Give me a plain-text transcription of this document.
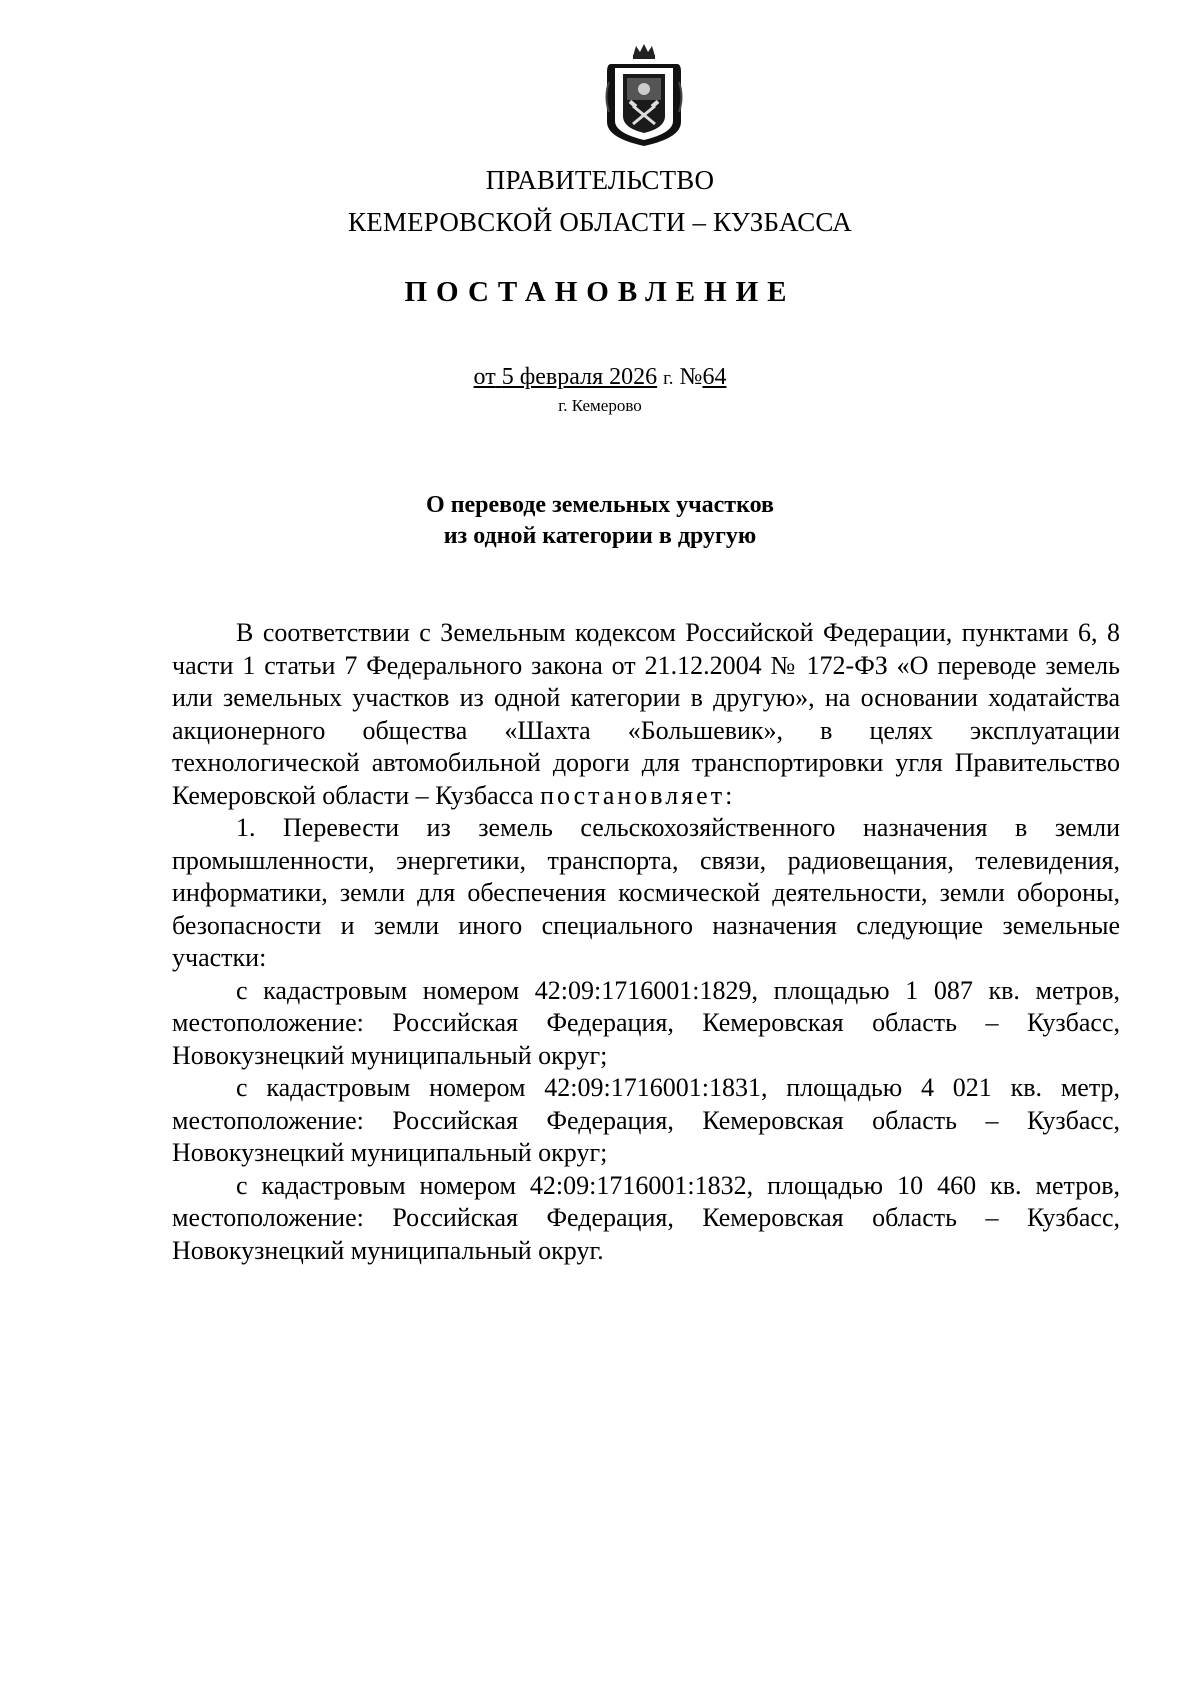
ПРАВИТЕЛЬСТВО
КЕМЕРОВСКОЙ ОБЛАСТИ – КУЗБАССА
ПОСТАНОВЛЕНИЕ
от 5 февраля 2026 г. №64
г. Кемерово
О переводе земельных участков
из одной категории в другую

В соответствии с Земельным кодексом Российской Федерации, пунктами 6, 8 части 1 статьи 7 Федерального закона от 21.12.2004 № 172-ФЗ «О переводе земель или земельных участков из одной категории в другую», на основании ходатайства акционерного общества «Шахта «Большевик», в целях эксплуатации технологической автомобильной дороги для транспортировки угля Правительство Кемеровской области – Кузбасса постановляет:

1. Перевести из земель сельскохозяйственного назначения в земли промышленности, энергетики, транспорта, связи, радиовещания, телевидения, информатики, земли для обеспечения космической деятельности, земли обороны, безопасности и земли иного специального назначения следующие земельные участки:

с кадастровым номером 42:09:1716001:1829, площадью 1 087 кв. метров, местоположение: Российская Федерация, Кемеровская область – Кузбасс, Новокузнецкий муниципальный округ;

с кадастровым номером 42:09:1716001:1831, площадью 4 021 кв. метр, местоположение: Российская Федерация, Кемеровская область – Кузбасс, Новокузнецкий муниципальный округ;

с кадастровым номером 42:09:1716001:1832, площадью 10 460 кв. метров, местоположение: Российская Федерация, Кемеровская область – Кузбасс, Новокузнецкий муниципальный округ.
